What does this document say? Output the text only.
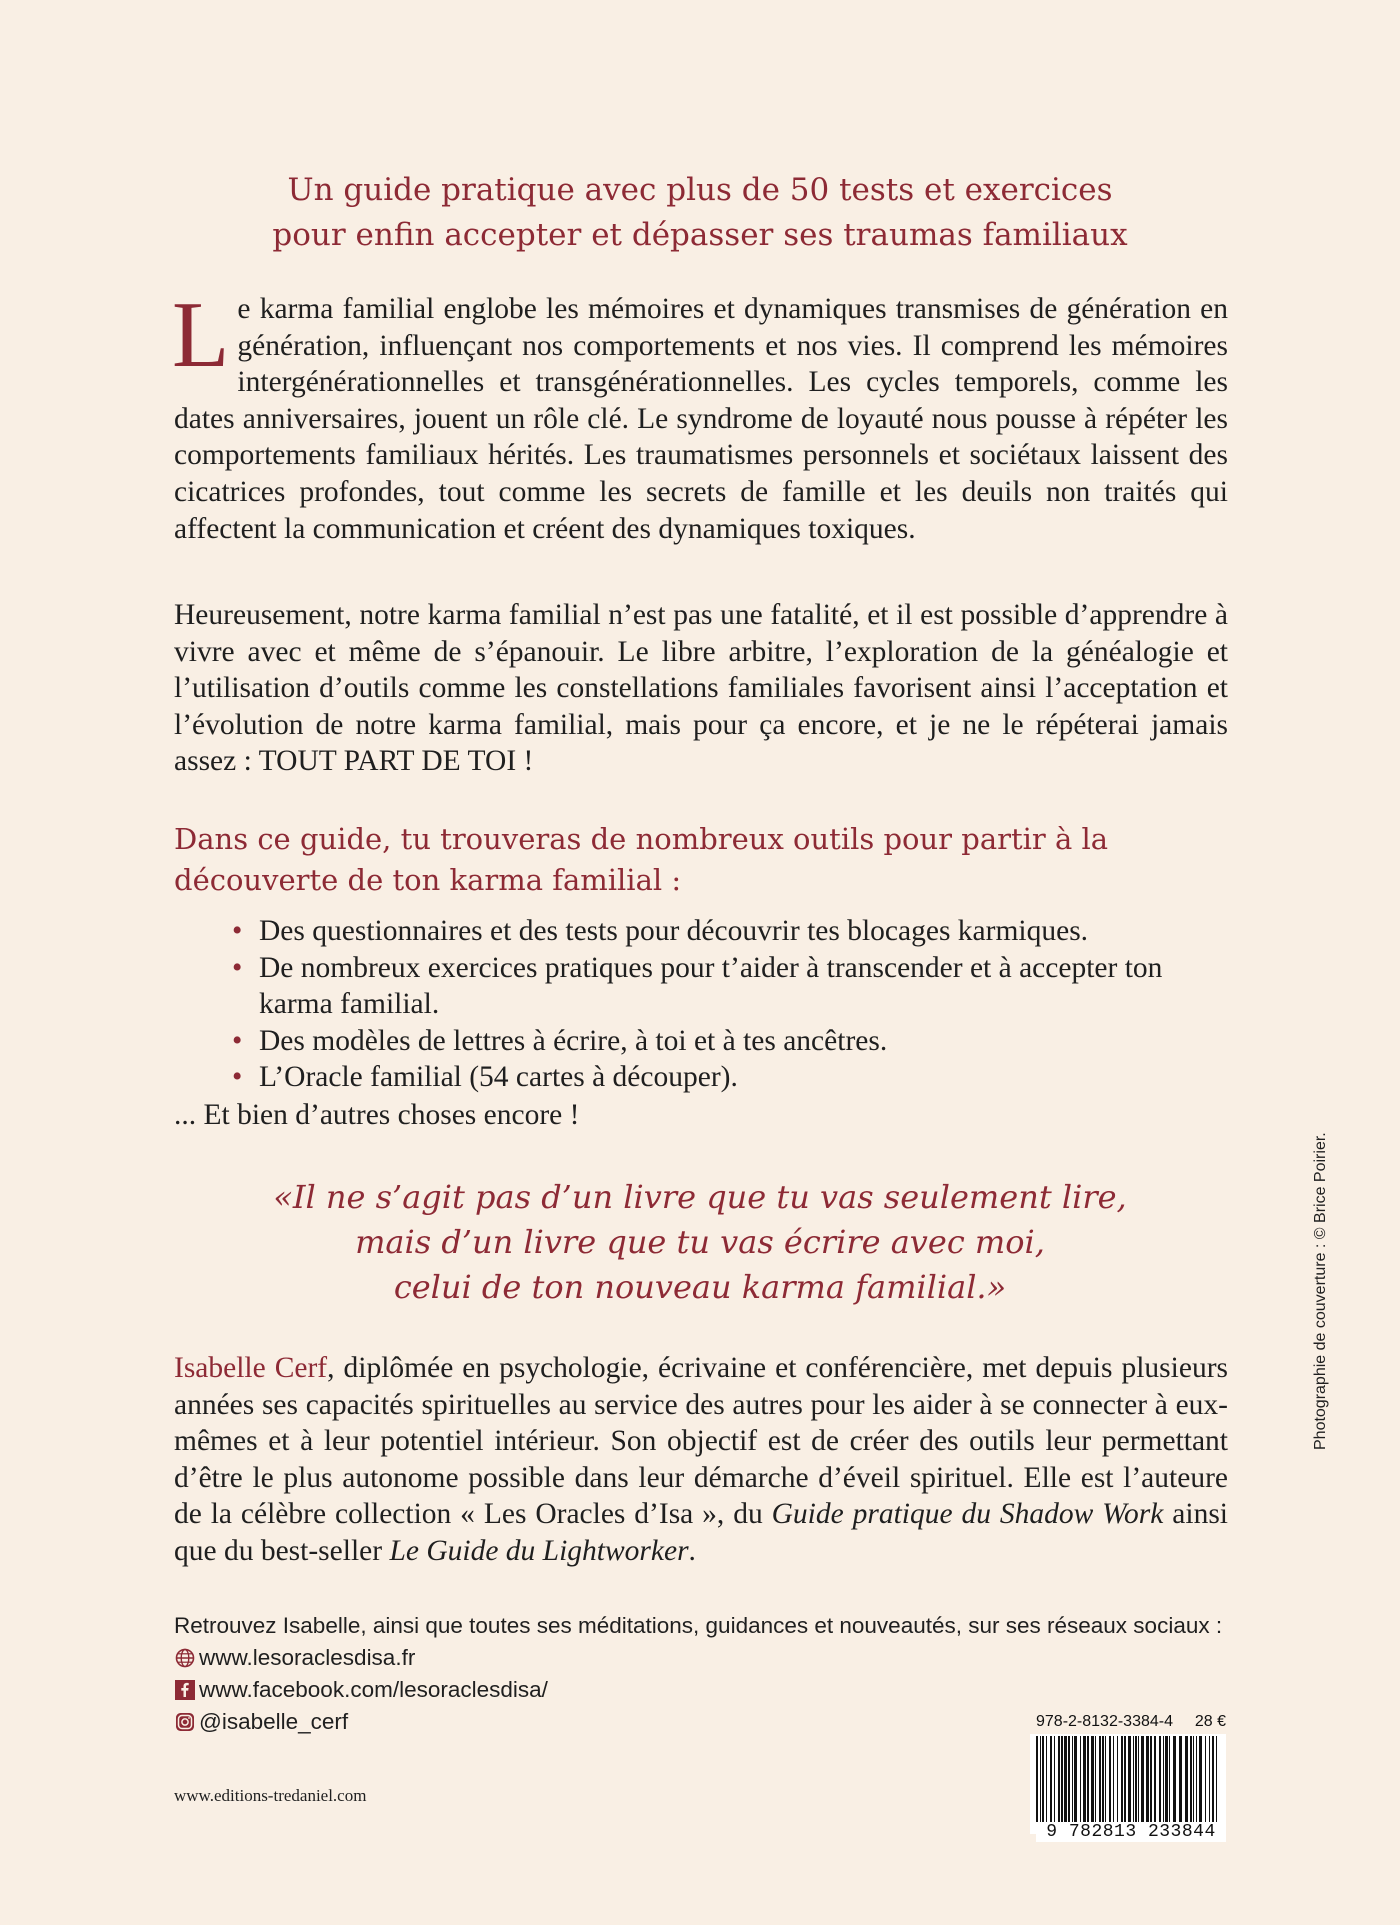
Un guide pratique avec plus de 50 tests et exercices
pour enfin accepter et dépasser ses traumas familiaux

Le karma familial englobe les mémoires et dynamiques transmises de génération en génération, influençant nos comportements et nos vies. Il comprend les mémoires intergénérationnelles et transgénérationnelles. Les cycles temporels, comme les dates anniversaires, jouent un rôle clé. Le syndrome de loyauté nous pousse à répéter les comportements familiaux hérités. Les traumatismes personnels et sociétaux laissent des cicatrices profondes, tout comme les secrets de famille et les deuils non traités qui affectent la communication et créent des dynamiques toxiques.

Heureusement, notre karma familial n’est pas une fatalité, et il est possible d’apprendre à vivre avec et même de s’épanouir. Le libre arbitre, l’exploration de la généalogie et l’utilisation d’outils comme les constellations familiales favorisent ainsi l’acceptation et l’évolution de notre karma familial, mais pour ça encore, et je ne le répéterai jamais assez : TOUT PART DE TOI !

Dans ce guide, tu trouveras de nombreux outils pour partir à la découverte de ton karma familial :

• Des questionnaires et des tests pour découvrir tes blocages karmiques.
• De nombreux exercices pratiques pour t’aider à transcender et à accepter ton karma familial.
• Des modèles de lettres à écrire, à toi et à tes ancêtres.
• L’Oracle familial (54 cartes à découper).
... Et bien d’autres choses encore !
«Il ne s’agit pas d’un livre que tu vas seulement lire,
mais d’un livre que tu vas écrire avec moi,
celui de ton nouveau karma familial.»

Isabelle Cerf, diplômée en psychologie, écrivaine et conférencière, met depuis plusieurs années ses capacités spirituelles au service des autres pour les aider à se connecter à eux-mêmes et à leur potentiel intérieur. Son objectif est de créer des outils leur permettant d’être le plus autonome possible dans leur démarche d’éveil spirituel. Elle est l’auteure de la célèbre collection « Les Oracles d’Isa », du Guide pratique du Shadow Work ainsi que du best-seller Le Guide du Lightworker.

Retrouvez Isabelle, ainsi que toutes ses méditations, guidances et nouveautés, sur ses réseaux sociaux :
www.lesoraclesdisa.fr
www.facebook.com/lesoraclesdisa/
@isabelle_cerf
www.editions-tredaniel.com
978-2-8132-3384-4 28 €
9 782813 233844
Photographie de couverture : © Brice Poirier.
